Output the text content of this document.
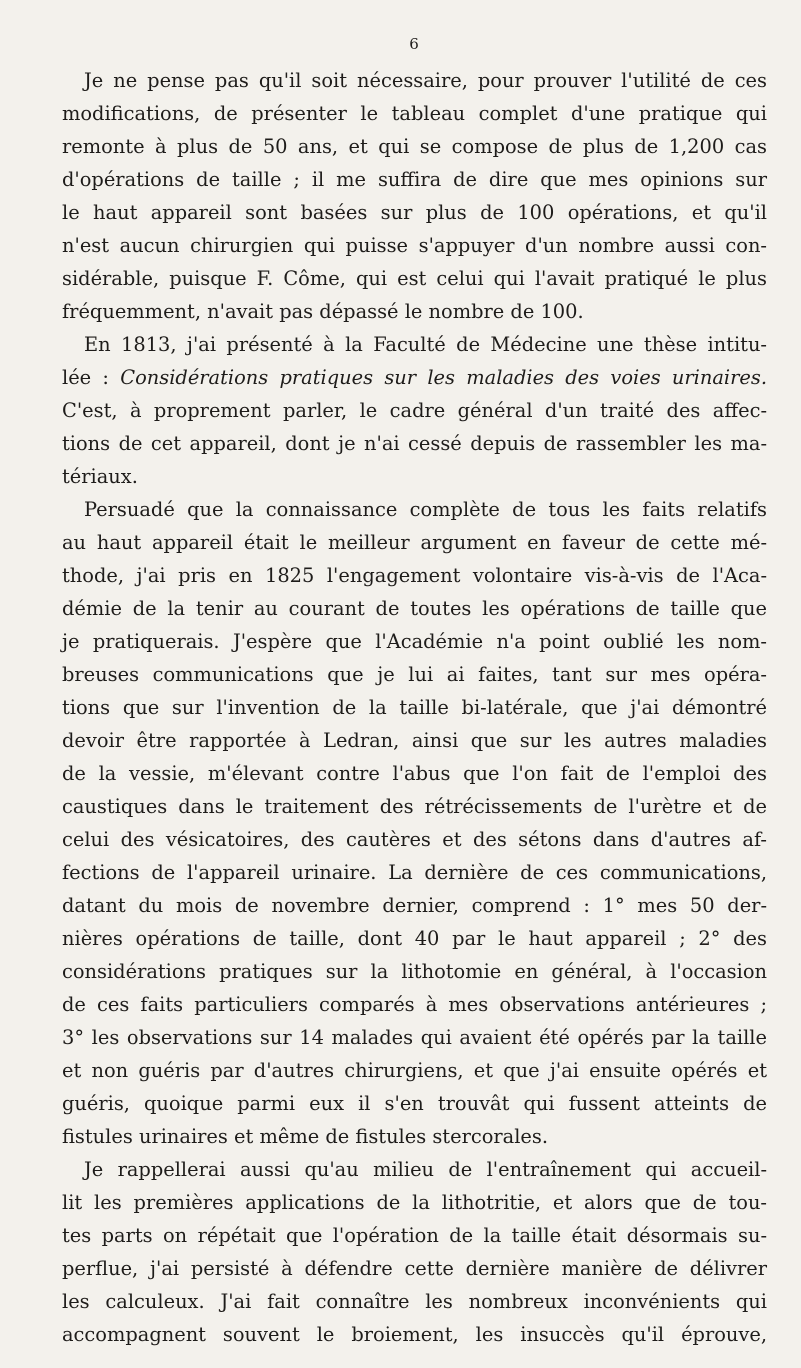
6

Je ne pense pas qu'il soit nécessaire, pour prouver l'utilité de ces
modifications, de présenter le tableau complet d'une pratique qui
remonte à plus de 50 ans, et qui se compose de plus de 1,200 cas
d'opérations de taille ; il me suffira de dire que mes opinions sur
le haut appareil sont basées sur plus de 100 opérations, et qu'il
n'est aucun chirurgien qui puisse s'appuyer d'un nombre aussi con-
sidérable, puisque F. Côme, qui est celui qui l'avait pratiqué le plus
fréquemment, n'avait pas dépassé le nombre de 100.

En 1813, j'ai présenté à la Faculté de Médecine une thèse intitu-
lée : Considérations pratiques sur les maladies des voies urinaires.
C'est, à proprement parler, le cadre général d'un traité des affec-
tions de cet appareil, dont je n'ai cessé depuis de rassembler les ma-
tériaux.

Persuadé que la connaissance complète de tous les faits relatifs
au haut appareil était le meilleur argument en faveur de cette mé-
thode, j'ai pris en 1825 l'engagement volontaire vis-à-vis de l'Aca-
démie de la tenir au courant de toutes les opérations de taille que
je pratiquerais. J'espère que l'Académie n'a point oublié les nom-
breuses communications que je lui ai faites, tant sur mes opéra-
tions que sur l'invention de la taille bi-latérale, que j'ai démontré
devoir être rapportée à Ledran, ainsi que sur les autres maladies
de la vessie, m'élevant contre l'abus que l'on fait de l'emploi des
caustiques dans le traitement des rétrécissements de l'urètre et de
celui des vésicatoires, des cautères et des sétons dans d'autres af-
fections de l'appareil urinaire. La dernière de ces communications,
datant du mois de novembre dernier, comprend : 1° mes 50 der-
nières opérations de taille, dont 40 par le haut appareil ; 2° des
considérations pratiques sur la lithotomie en général, à l'occasion
de ces faits particuliers comparés à mes observations antérieures ;
3° les observations sur 14 malades qui avaient été opérés par la taille
et non guéris par d'autres chirurgiens, et que j'ai ensuite opérés et
guéris, quoique parmi eux il s'en trouvât qui fussent atteints de
fistules urinaires et même de fistules stercorales.

Je rappellerai aussi qu'au milieu de l'entraînement qui accueil-
lit les premières applications de la lithotritie, et alors que de tou-
tes parts on répétait que l'opération de la taille était désormais su-
perflue, j'ai persisté à défendre cette dernière manière de délivrer
les calculeux. J'ai fait connaître les nombreux inconvénients qui
accompagnent souvent le broiement, les insuccès qu'il éprouve,
